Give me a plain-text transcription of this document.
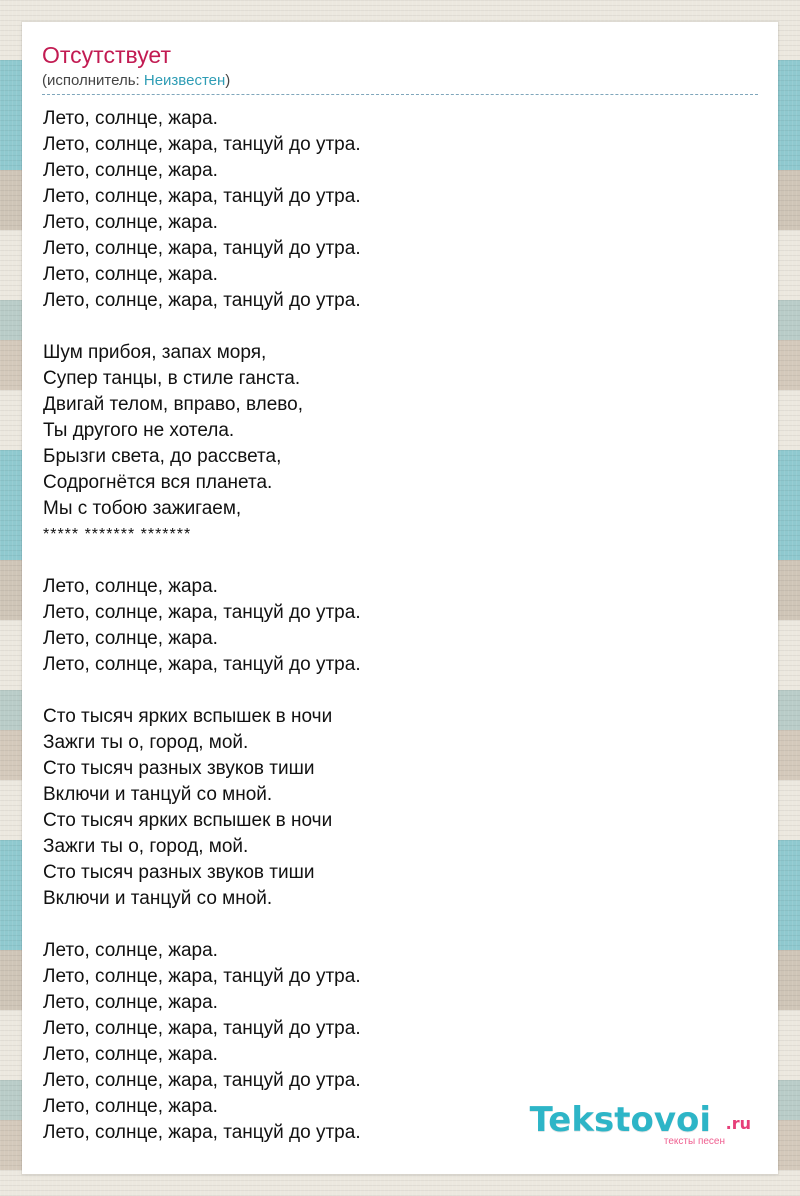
Отсутствует
(исполнитель: Неизвестен)
Лето, солнце, жара.
Лето, солнце, жара, танцуй до утра.
Лето, солнце, жара.
Лето, солнце, жара, танцуй до утра.
Лето, солнце, жара.
Лето, солнце, жара, танцуй до утра.
Лето, солнце, жара.
Лето, солнце, жара, танцуй до утра.
Шум прибоя, запах моря,
Супер танцы, в стиле ганста.
Двигай телом, вправо, влево,
Ты другого не хотела.
Брызги света, до рассвета,
Содрогнётся вся планета.
Мы с тобою зажигаем,
***** ******* *******
Лето, солнце, жара.
Лето, солнце, жара, танцуй до утра.
Лето, солнце, жара.
Лето, солнце, жара, танцуй до утра.
Сто тысяч ярких вспышек в ночи
Зажги ты о, город, мой.
Сто тысяч разных звуков тиши
Включи и танцуй со мной.
Сто тысяч ярких вспышек в ночи
Зажги ты о, город, мой.
Сто тысяч разных звуков тиши
Включи и танцуй со мной.
Лето, солнце, жара.
Лето, солнце, жара, танцуй до утра.
Лето, солнце, жара.
Лето, солнце, жара, танцуй до утра.
Лето, солнце, жара.
Лето, солнце, жара, танцуй до утра.
Лето, солнце, жара.
Лето, солнце, жара, танцуй до утра.	Tekstovoi .ru
тексты песен
